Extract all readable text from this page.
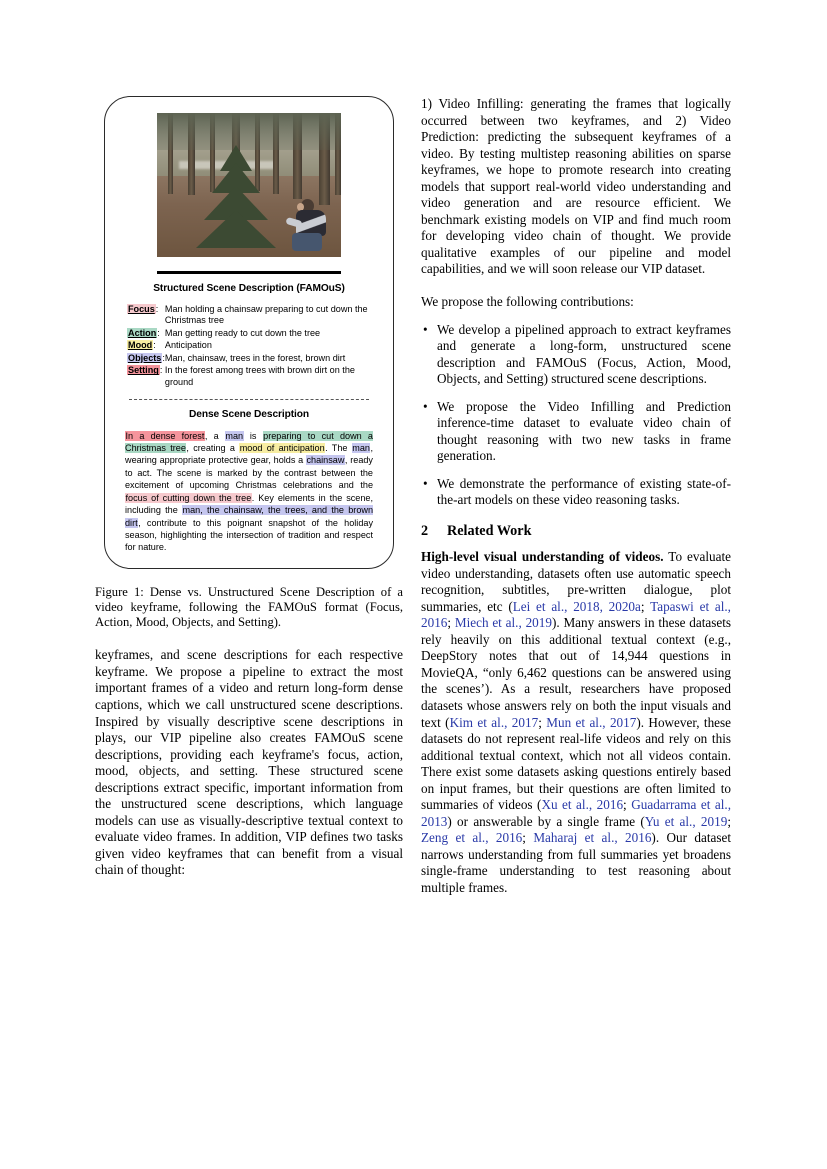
Structured Scene Description (FAMOuS)
Focus:	Man holding a chainsaw preparing to cut down the Christmas tree
Action:	Man getting ready to cut down the tree
Mood:	Anticipation
Objects:	Man, chainsaw, trees in the forest, brown dirt
Setting:	In the forest among trees with brown dirt on the ground
Dense Scene Description
In a dense forest, a man is preparing to cut down a Christmas tree, creating a mood of anticipation. The man, wearing appropriate protective gear, holds a chainsaw, ready to act. The scene is marked by the contrast between the excitement of upcoming Christmas celebrations and the focus of cutting down the tree. Key elements in the scene, including the man, the chainsaw, the trees, and the brown dirt, contribute to this poignant snapshot of the holiday season, highlighting the intersection of tradition and respect for nature.
Figure 1: Dense vs. Unstructured Scene Description of a video keyframe, following the FAMOuS format (Focus, Action, Mood, Objects, and Setting).

keyframes, and scene descriptions for each respective keyframe. We propose a pipeline to extract the most important frames of a video and return long-form dense captions, which we call unstructured scene descriptions. Inspired by visually descriptive scene descriptions in plays, our VIP pipeline also creates FAMOuS scene descriptions, providing each keyframe's focus, action, mood, objects, and setting. These structured scene descriptions extract specific, important information from the unstructured scene descriptions, which language models can use as visually-descriptive textual context to evaluate video frames. In addition, VIP defines two tasks given video keyframes that can benefit from a visual chain of thought:

1) Video Infilling: generating the frames that logically occurred between two keyframes, and 2) Video Prediction: predicting the subsequent keyframes of a video. By testing multistep reasoning abilities on sparse keyframes, we hope to promote research into creating models that support real-world video understanding and video generation and are resource efficient. We benchmark existing models on VIP and find much room for developing video chain of thought. We provide qualitative examples of our pipeline and model capabilities, and we will soon release our VIP dataset.

We propose the following contributions:

• We develop a pipelined approach to extract keyframes and generate a long-form, unstructured scene description and FAMOuS (Focus, Action, Mood, Objects, and Setting) structured scene descriptions.
• We propose the Video Infilling and Prediction inference-time dataset to evaluate video chain of thought reasoning with two new tasks in frame generation.
• We demonstrate the performance of existing state-of-the-art models on these video reasoning tasks.
2 Related Work

High-level visual understanding of videos. To evaluate video understanding, datasets often use automatic speech recognition, subtitles, pre-written dialogue, plot summaries, etc (Lei et al., 2018, 2020a; Tapaswi et al., 2016; Miech et al., 2019). Many answers in these datasets rely heavily on this additional textual context (e.g., DeepStory notes that out of 14,944 questions in MovieQA, “only 6,462 questions can be answered using the scenes’). As a result, researchers have proposed datasets whose answers rely on both the input visuals and text (Kim et al., 2017; Mun et al., 2017). However, these datasets do not represent real-life videos and rely on this additional textual context, which not all videos contain. There exist some datasets asking questions entirely based on input frames, but their questions are often limited to summaries of videos (Xu et al., 2016; Guadarrama et al., 2013) or answerable by a single frame (Yu et al., 2019; Zeng et al., 2016; Maharaj et al., 2016). Our dataset narrows understanding from full summaries yet broadens single-frame understanding to test reasoning about multiple frames.
